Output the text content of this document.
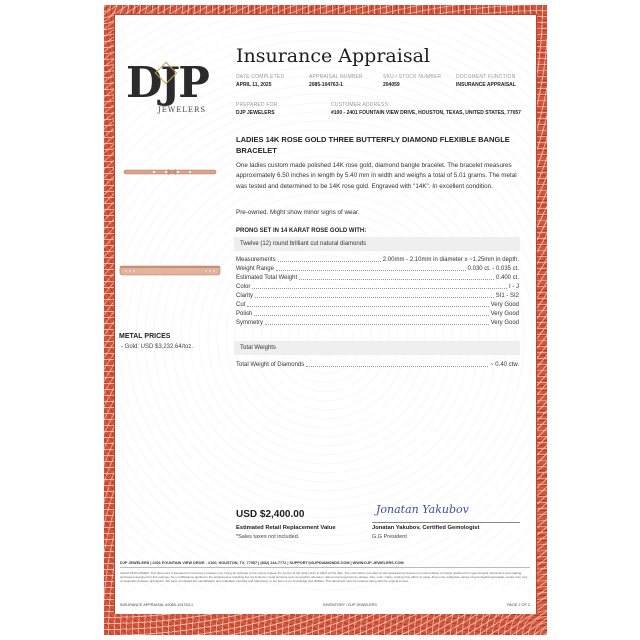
DJP
JEWELERS
Insurance Appraisal
DATE COMPLETED
APRIL 11, 2025
APPRAISAL NUMBER
2085-104763-1
SKU / STOCK NUMBER
204059
DOCUMENT FUNCTION
INSURANCE APPRAISAL
PREPARED FOR:
DJP JEWELERS
CUSTOMER ADDRESS:
#100 - 2401 FOUNTAIN VIEW DRIVE, HOUSTON, TEXAS, UNITED STATES, 77057
LADIES 14K ROSE GOLD THREE BUTTERFLY DIAMOND FLEXIBLE BANGLE BRACELET
One ladies custom made polished 14K rose gold, diamond bangle bracelet. The bracelet measures approximately 6.50 inches in length by 5.40 mm in width and weighs a total of 5.01 grams. The metal was tested and determined to be 14K rose gold. Engraved with "14K". In excellent condition.
Pre-owned. Might show minor signs of wear.
PRONG SET IN 14 KARAT ROSE GOLD WITH:
Twelve (12) round brilliant cut natural diamonds
Measurements	2.00mm - 2.10mm in diameter x ~1.25mm in depth.
Weight Range	0.030 ct. - 0.035 ct.
Estimated Total Weight	0.400 ct.
Color	I - J
Clarity	SI1 - SI2
Cut	Very Good
Polish	Very Good
Symmetry	Very Good
Total Weights
Total Weight of Diamonds	~ 0.40 ctw.
METAL PRICES
- Gold: USD $3,232.64/toz.
USD $2,400.00
Estimated Retail Replacement Value
*Sales taxes not included.
Jonatan Yakubov
Jonatan Yakubov, Certified Gemologist
G.G President
DJP JEWELERS | 2401 FOUNTAIN VIEW DRIVE - #100, HOUSTON, TX, 77057 | (832) 244-7772 | SUPPORT@DJPDIAMONDS.COM | WWW.DJP-JEWELERS.COM
LEGAL DISCLAIMER: This document is intended for insurance purposes only, being an estimate of the cost to replace the item(s) at full retail prices in effect at this date. The information recorded on this appraisal represents our interpretation of results obtained from gemological instruments and grading techniques designed for this purpose. Any modifications applied to the original piece including but not limited to metal structure and composition alteration, diamond and gemstones (shape, size, color, clarity, cutting) may affect its value. Due to the subjective nature of gemological appraisals, results may vary considerably between appraisers. We have completed this identification and evaluation carefully and objectively, to the best of our knowledge and abilities. This document must be retained along with the original invoice.
INSURANCE APPRAISAL #2085-104763-1	INVENTORY / DJP JEWELERS	PAGE 2 OF 2
